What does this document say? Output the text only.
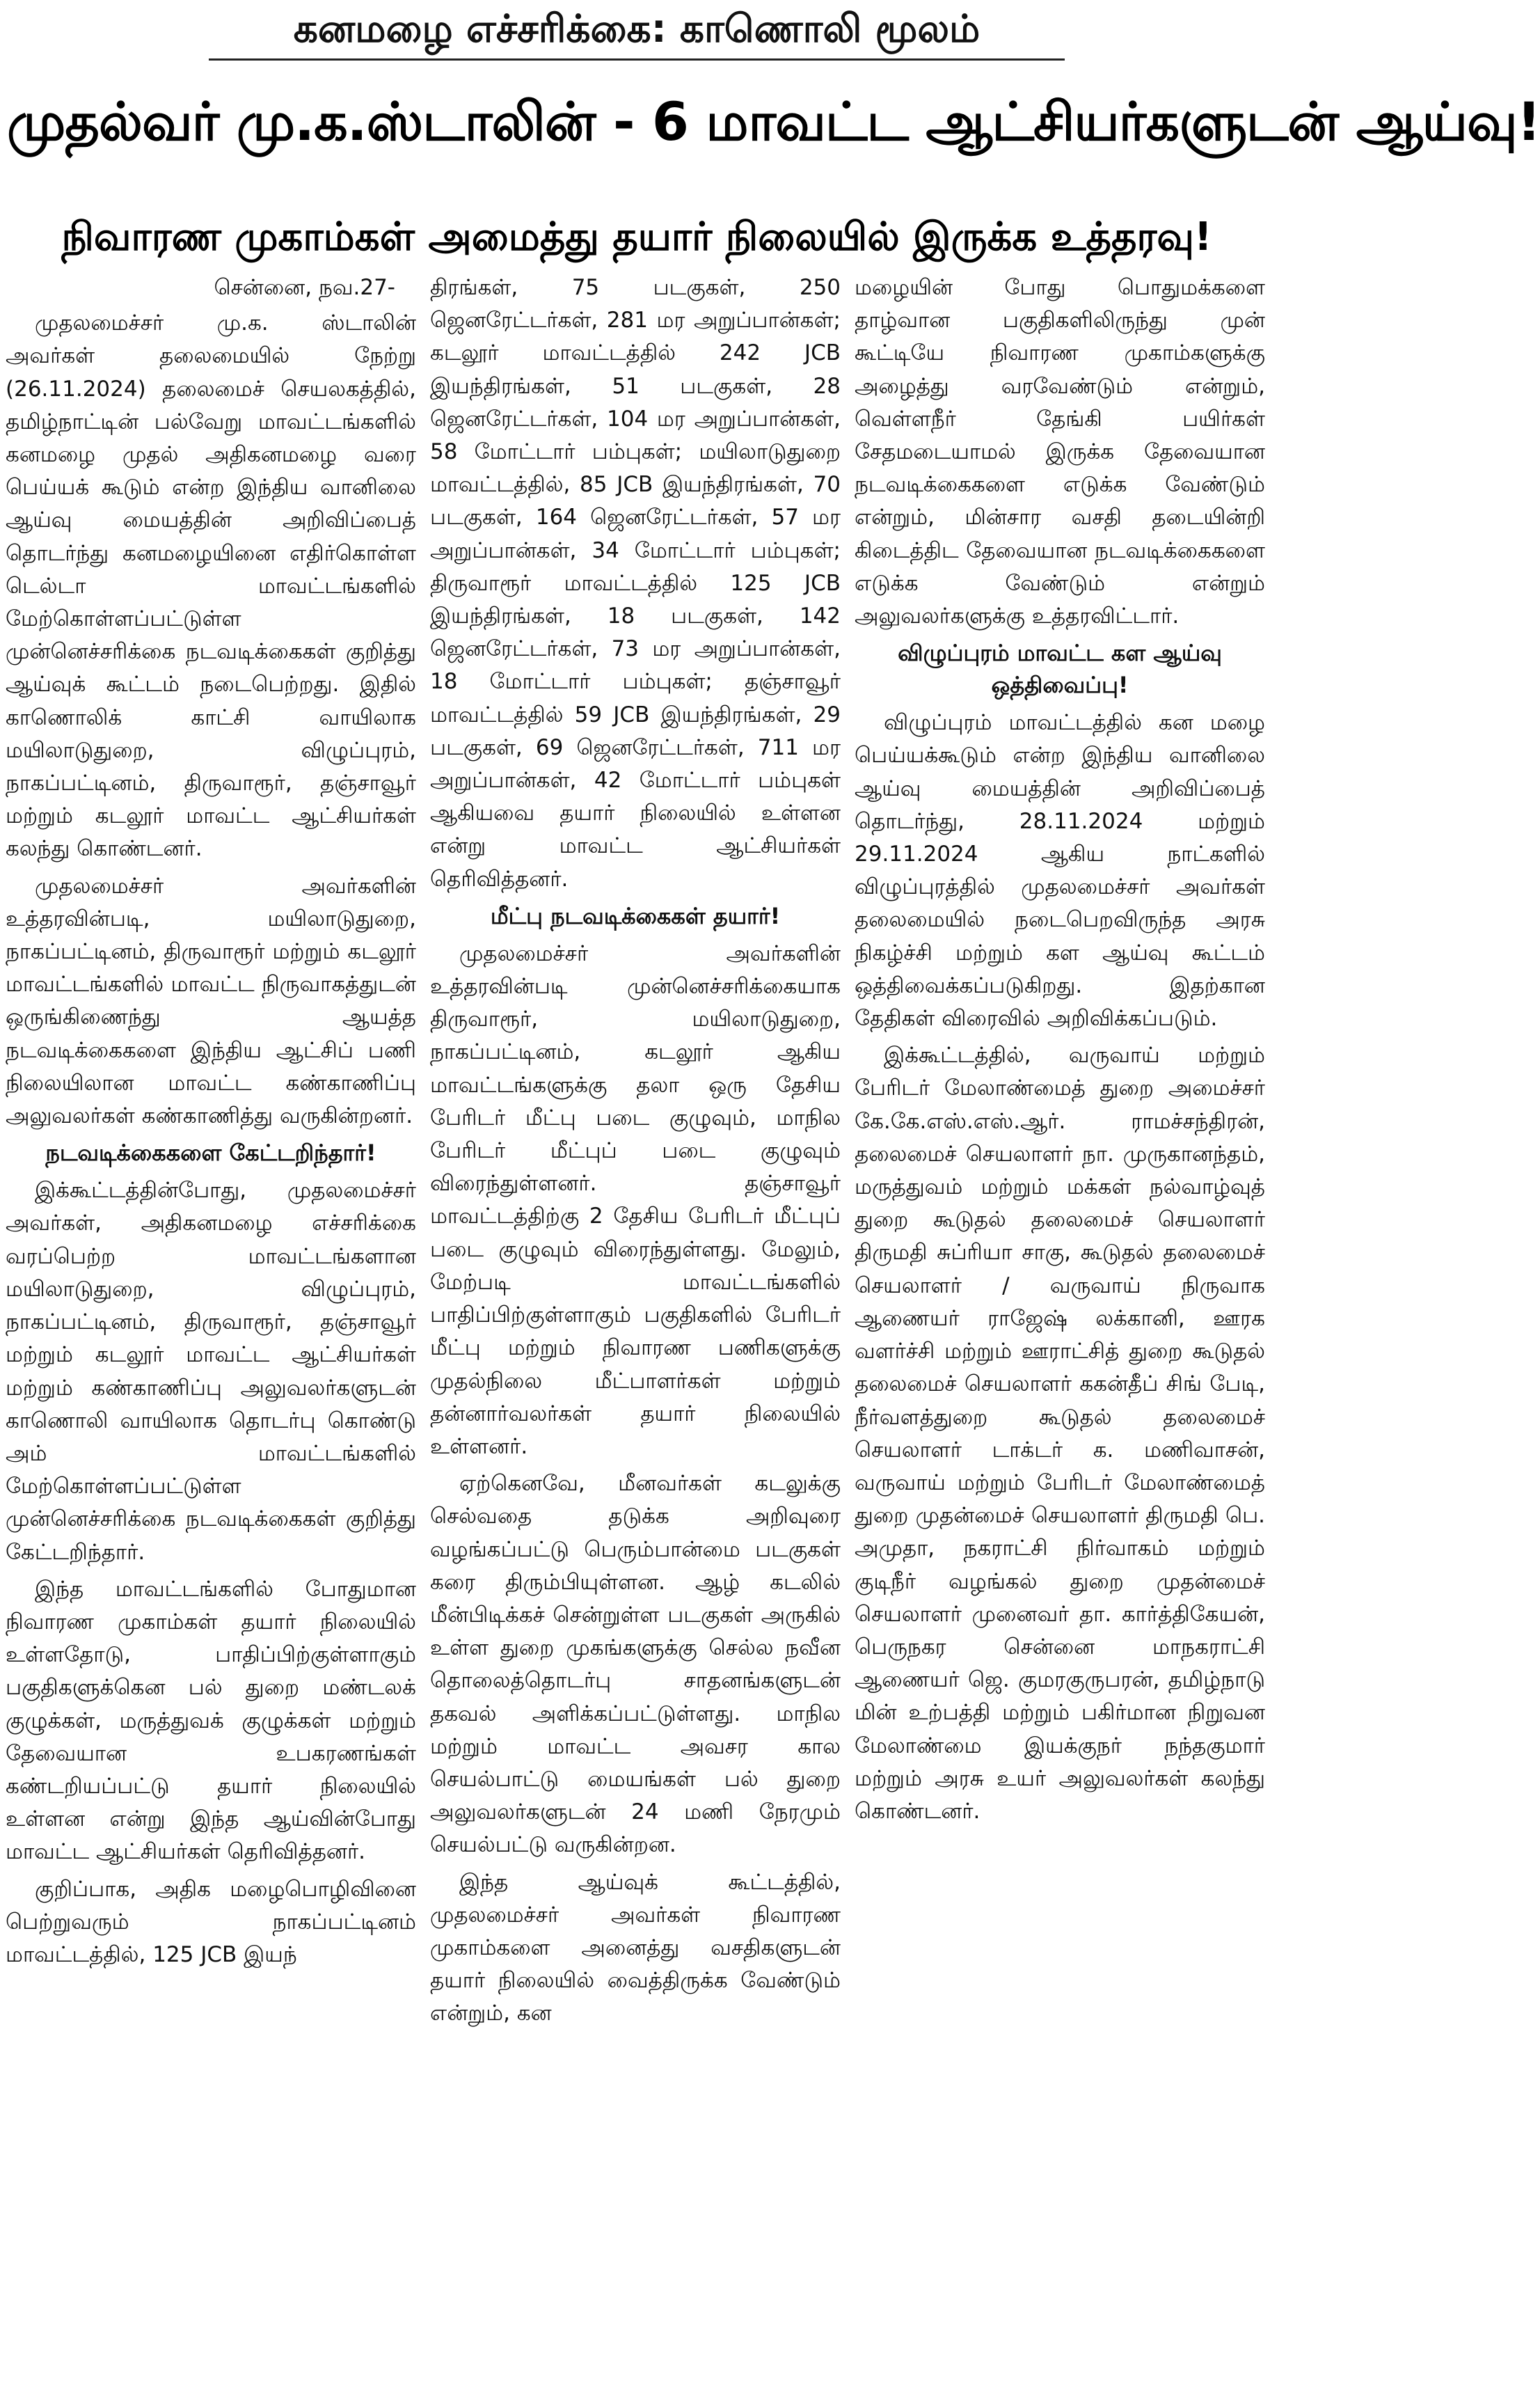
கனமழை எச்சரிக்கை: காணொலி மூலம்
முதல்வர் மு.க.ஸ்டாலின் - 6 மாவட்ட ஆட்சியர்களுடன் ஆய்வு!
நிவாரண முகாம்கள் அமைத்து தயார் நிலையில் இருக்க உத்தரவு!
சென்னை, நவ.27-

முதலமைச்சர் மு.க. ஸ்டாலின் அவர்கள் தலைமையில் நேற்று (26.11.2024) தலைமைச் செயலகத்தில், தமிழ்நாட்டின் பல்வேறு மாவட்டங்களில் கனமழை முதல் அதிகனமழை வரை பெய்யக் கூடும் என்ற இந்திய வானிலை ஆய்வு மையத்தின் அறிவிப்பைத் தொடர்ந்து கனமழையினை எதிர்கொள்ள டெல்டா மாவட்டங்களில் மேற்கொள்ளப்பட்டுள்ள முன்னெச்சரிக்கை நடவடிக்கைகள் குறித்து ஆய்வுக் கூட்டம் நடைபெற்றது. இதில் காணொலிக் காட்சி வாயிலாக மயிலாடுதுறை, விழுப்புரம், நாகப்பட்டினம், திருவாரூர், தஞ்சாவூர் மற்றும் கடலூர் மாவட்ட ஆட்சியர்கள் கலந்து கொண்டனர்.

முதலமைச்சர் அவர்களின் உத்தரவின்படி, மயிலாடுதுறை, நாகப்பட்டினம், திருவாரூர் மற்றும் கடலூர் மாவட்டங்களில் மாவட்ட நிருவாகத்துடன் ஒருங்கிணைந்து ஆயத்த நடவடிக்கைகளை இந்திய ஆட்சிப் பணி நிலையிலான மாவட்ட கண்காணிப்பு அலுவலர்கள் கண்காணித்து வருகின்றனர்.

நடவடிக்கைகளை கேட்டறிந்தார்!

இக்கூட்டத்தின்போது, முதலமைச்சர் அவர்கள், அதிகனமழை எச்சரிக்கை வரப்பெற்ற மாவட்டங்களான மயிலாடுதுறை, விழுப்புரம், நாகப்பட்டினம், திருவாரூர், தஞ்சாவூர் மற்றும் கடலூர் மாவட்ட ஆட்சியர்கள் மற்றும் கண்காணிப்பு அலுவலர்களுடன் காணொலி வாயிலாக தொடர்பு கொண்டு அம் மாவட்டங்களில் மேற்கொள்ளப்பட்டுள்ள முன்னெச்சரிக்கை நடவடிக்கைகள் குறித்து கேட்டறிந்தார்.

இந்த மாவட்டங்களில் போதுமான நிவாரண முகாம்கள் தயார் நிலையில் உள்ளதோடு, பாதிப்பிற்குள்ளாகும் பகுதிகளுக்கென பல் துறை மண்டலக் குழுக்கள், மருத்துவக் குழுக்கள் மற்றும் தேவையான உபகரணங்கள் கண்டறியப்பட்டு தயார் நிலையில் உள்ளன என்று இந்த ஆய்வின்போது மாவட்ட ஆட்சியர்கள் தெரிவித்தனர்.

குறிப்பாக, அதிக மழைபொழிவினை பெற்றுவரும் நாகப்பட்டினம் மாவட்டத்தில், 125 JCB இயந்

திரங்கள், 75 படகுகள், 250 ஜெனரேட்டர்கள், 281 மர அறுப்பான்கள்; கடலூர் மாவட்டத்தில் 242 JCB இயந்திரங்கள், 51 படகுகள், 28 ஜெனரேட்டர்கள், 104 மர அறுப்பான்கள், 58 மோட்டார் பம்புகள்; மயிலாடுதுறை மாவட்டத்தில், 85 JCB இயந்திரங்கள், 70 படகுகள், 164 ஜெனரேட்டர்கள், 57 மர அறுப்பான்கள், 34 மோட்டார் பம்புகள்; திருவாரூர் மாவட்டத்தில் 125 JCB இயந்திரங்கள், 18 படகுகள், 142 ஜெனரேட்டர்கள், 73 மர அறுப்பான்கள், 18 மோட்டார் பம்புகள்; தஞ்சாவூர் மாவட்டத்தில் 59 JCB இயந்திரங்கள், 29 படகுகள், 69 ஜெனரேட்டர்கள், 711 மர அறுப்பான்கள், 42 மோட்டார் பம்புகள் ஆகியவை தயார் நிலையில் உள்ளன என்று மாவட்ட ஆட்சியர்கள் தெரிவித்தனர்.

மீட்பு நடவடிக்கைகள் தயார்!

முதலமைச்சர் அவர்களின் உத்தரவின்படி முன்னெச்சரிக்கையாக திருவாரூர், மயிலாடுதுறை, நாகப்பட்டினம், கடலூர் ஆகிய மாவட்டங்களுக்கு தலா ஒரு தேசிய பேரிடர் மீட்பு படை குழுவும், மாநில பேரிடர் மீட்புப் படை குழுவும் விரைந்துள்ளனர். தஞ்சாவூர் மாவட்டத்திற்கு 2 தேசிய பேரிடர் மீட்புப் படை குழுவும் விரைந்துள்ளது. மேலும், மேற்படி மாவட்டங்களில் பாதிப்பிற்குள்ளாகும் பகுதிகளில் பேரிடர் மீட்பு மற்றும் நிவாரண பணிகளுக்கு முதல்நிலை மீட்பாளர்கள் மற்றும் தன்னார்வலர்கள் தயார் நிலையில் உள்ளனர்.

ஏற்கெனவே, மீனவர்கள் கடலுக்கு செல்வதை தடுக்க அறிவுரை வழங்கப்பட்டு பெரும்பான்மை படகுகள் கரை திரும்பியுள்ளன. ஆழ் கடலில் மீன்பிடிக்கச் சென்றுள்ள படகுகள் அருகில் உள்ள துறை முகங்களுக்கு செல்ல நவீன தொலைத்தொடர்பு சாதனங்களுடன் தகவல் அளிக்கப்பட்டுள்ளது. மாநில மற்றும் மாவட்ட அவசர கால செயல்பாட்டு மையங்கள் பல் துறை அலுவலர்களுடன் 24 மணி நேரமும் செயல்பட்டு வருகின்றன.

இந்த ஆய்வுக் கூட்டத்தில், முதலமைச்சர் அவர்கள் நிவாரண முகாம்களை அனைத்து வசதிகளுடன் தயார் நிலையில் வைத்திருக்க வேண்டும் என்றும், கன

மழையின் போது பொதுமக்களை தாழ்வான பகுதிகளிலிருந்து முன் கூட்டியே நிவாரண முகாம்களுக்கு அழைத்து வரவேண்டும் என்றும், வெள்ளநீர் தேங்கி பயிர்கள் சேதமடையாமல் இருக்க தேவையான நடவடிக்கைகளை எடுக்க வேண்டும் என்றும், மின்சார வசதி தடையின்றி கிடைத்திட தேவையான நடவடிக்கைகளை எடுக்க வேண்டும் என்றும் அலுவலர்களுக்கு உத்தரவிட்டார்.

விழுப்புரம் மாவட்ட கள ஆய்வு ஒத்திவைப்பு!

விழுப்புரம் மாவட்டத்தில் கன மழை பெய்யக்கூடும் என்ற இந்திய வானிலை ஆய்வு மையத்தின் அறிவிப்பைத் தொடர்ந்து, 28.11.2024 மற்றும் 29.11.2024 ஆகிய நாட்களில் விழுப்புரத்தில் முதலமைச்சர் அவர்கள் தலைமையில் நடைபெறவிருந்த அரசு நிகழ்ச்சி மற்றும் கள ஆய்வு கூட்டம் ஒத்திவைக்கப்படுகிறது. இதற்கான தேதிகள் விரைவில் அறிவிக்கப்படும்.

இக்கூட்டத்தில், வருவாய் மற்றும் பேரிடர் மேலாண்மைத் துறை அமைச்சர் கே.கே.எஸ்.எஸ்.ஆர். ராமச்சந்திரன், தலைமைச் செயலாளர் நா. முருகானந்தம், மருத்துவம் மற்றும் மக்கள் நல்வாழ்வுத் துறை கூடுதல் தலைமைச் செயலாளர் திருமதி சுப்ரியா சாகு, கூடுதல் தலைமைச் செயலாளர் / வருவாய் நிருவாக ஆணையர் ராஜேஷ் லக்கானி, ஊரக வளர்ச்சி மற்றும் ஊராட்சித் துறை கூடுதல் தலைமைச் செயலாளர் ககன்தீப் சிங் பேடி, நீர்வளத்துறை கூடுதல் தலைமைச் செயலாளர் டாக்டர் க. மணிவாசன், வருவாய் மற்றும் பேரிடர் மேலாண்மைத் துறை முதன்மைச் செயலாளர் திருமதி பெ. அமுதா, நகராட்சி நிர்வாகம் மற்றும் குடிநீர் வழங்கல் துறை முதன்மைச் செயலாளர் முனைவர் தா. கார்த்திகேயன், பெருநகர சென்னை மாநகராட்சி ஆணையர் ஜெ. குமரகுருபரன், தமிழ்நாடு மின் உற்பத்தி மற்றும் பகிர்மான நிறுவன மேலாண்மை இயக்குநர் நந்தகுமார் மற்றும் அரசு உயர் அலுவலர்கள் கலந்து கொண்டனர்.
